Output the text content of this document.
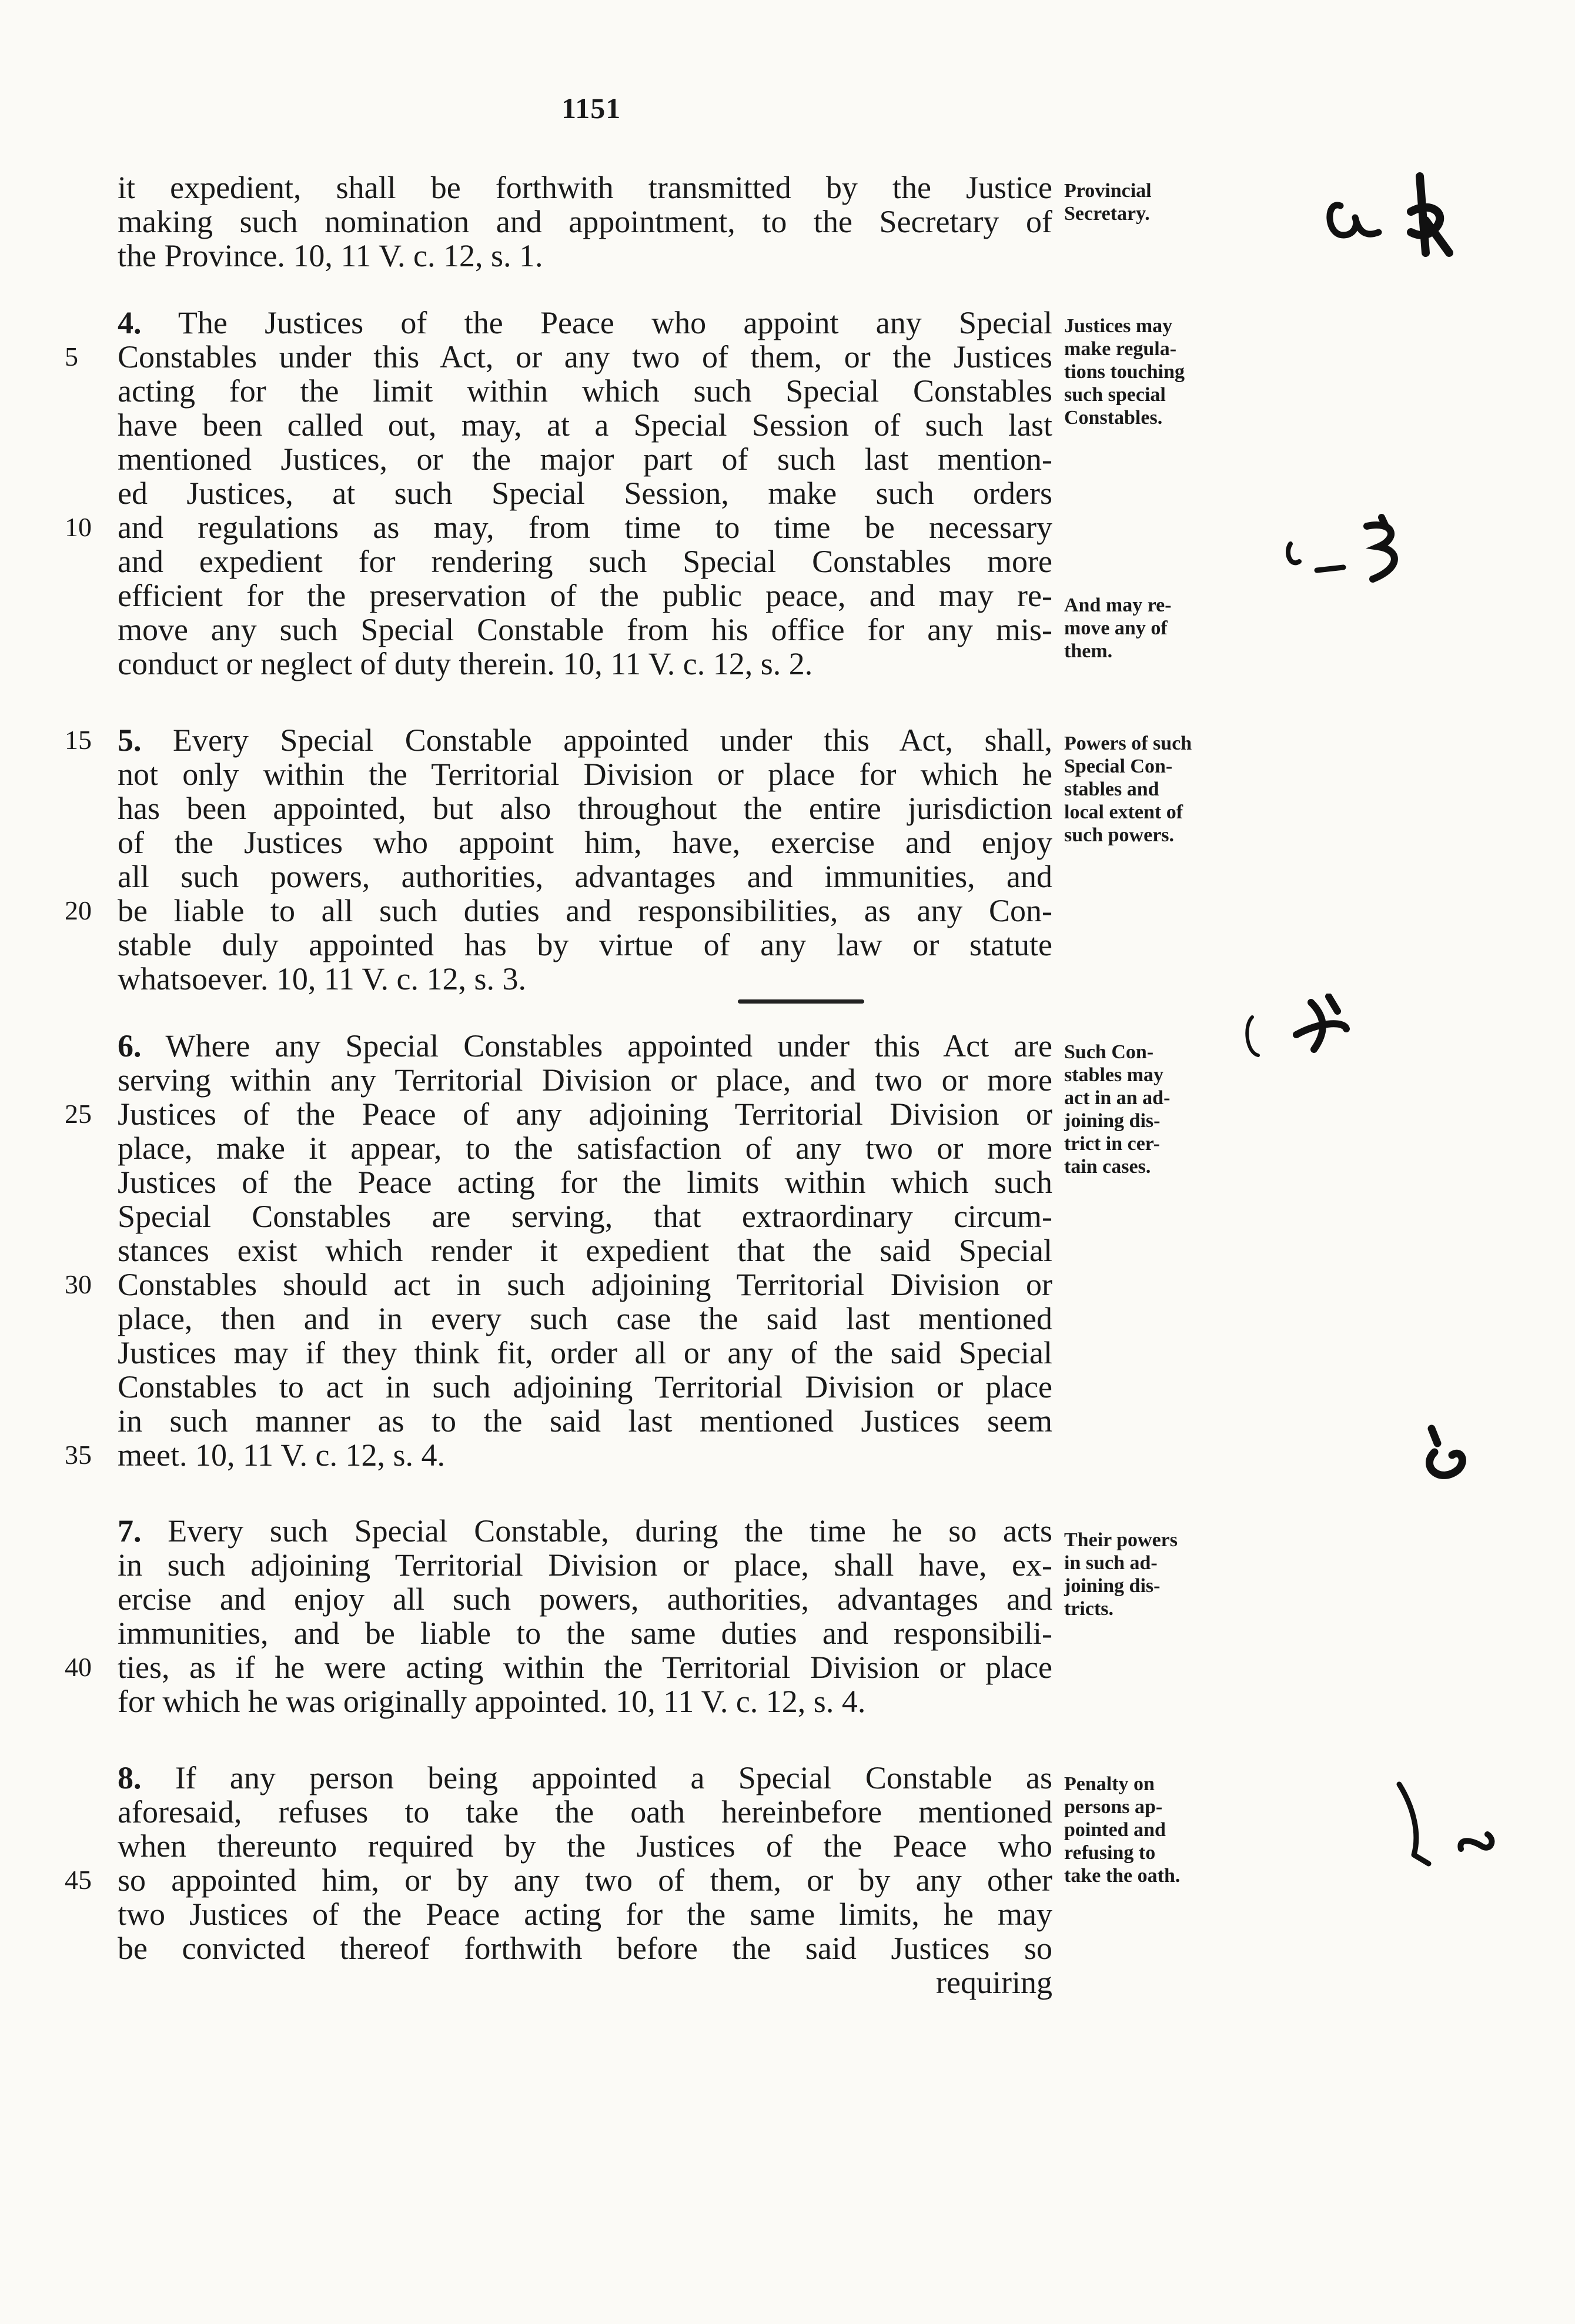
1151
it expedient, shall be forthwith transmitted by the Justice
making such nomination and appointment, to the Secretary of
the Province. 10, 11 V. c. 12, s. 1.
Provincial
Secretary.
4. The Justices of the Peace who appoint any Special
Constables under this Act, or any two of them, or the Justices
acting for the limit within which such Special Constables
have been called out, may, at a Special Session of such last
mentioned Justices, or the major part of such last mention-
ed Justices, at such Special Session, make such orders
and regulations as may, from time to time be necessary
and expedient for rendering such Special Constables more
efficient for the preservation of the public peace, and may re-
move any such Special Constable from his office for any mis-
conduct or neglect of duty therein. 10, 11 V. c. 12, s. 2.
Justices may
make regula-
tions touching
such special
Constables.
And may re-
move any of
them.
5. Every Special Constable appointed under this Act, shall,
not only within the Territorial Division or place for which he
has been appointed, but also throughout the entire jurisdiction
of the Justices who appoint him, have, exercise and enjoy
all such powers, authorities, advantages and immunities, and
be liable to all such duties and responsibilities, as any Con-
stable duly appointed has by virtue of any law or statute
whatsoever. 10, 11 V. c. 12, s. 3.
Powers of such
Special Con-
stables and
local extent of
such powers.
6. Where any Special Constables appointed under this Act are
serving within any Territorial Division or place, and two or more
Justices of the Peace of any adjoining Territorial Division or
place, make it appear, to the satisfaction of any two or more
Justices of the Peace acting for the limits within which such
Special Constables are serving, that extraordinary circum-
stances exist which render it expedient that the said Special
Constables should act in such adjoining Territorial Division or
place, then and in every such case the said last mentioned
Justices may if they think fit, order all or any of the said Special
Constables to act in such adjoining Territorial Division or place
in such manner as to the said last mentioned Justices seem
meet. 10, 11 V. c. 12, s. 4.
Such Con-
stables may
act in an ad-
joining dis-
trict in cer-
tain cases.
7. Every such Special Constable, during the time he so acts
in such adjoining Territorial Division or place, shall have, ex-
ercise and enjoy all such powers, authorities, advantages and
immunities, and be liable to the same duties and responsibili-
ties, as if he were acting within the Territorial Division or place
for which he was originally appointed. 10, 11 V. c. 12, s. 4.
Their powers
in such ad-
joining dis-
tricts.
8. If any person being appointed a Special Constable as
aforesaid, refuses to take the oath hereinbefore mentioned
when thereunto required by the Justices of the Peace who
so appointed him, or by any two of them, or by any other
two Justices of the Peace acting for the same limits, he may
be convicted thereof forthwith before the said Justices so
requiring
Penalty on
persons ap-
pointed and
refusing to
take the oath.
5
10
15
20
25
30
35
40
45
